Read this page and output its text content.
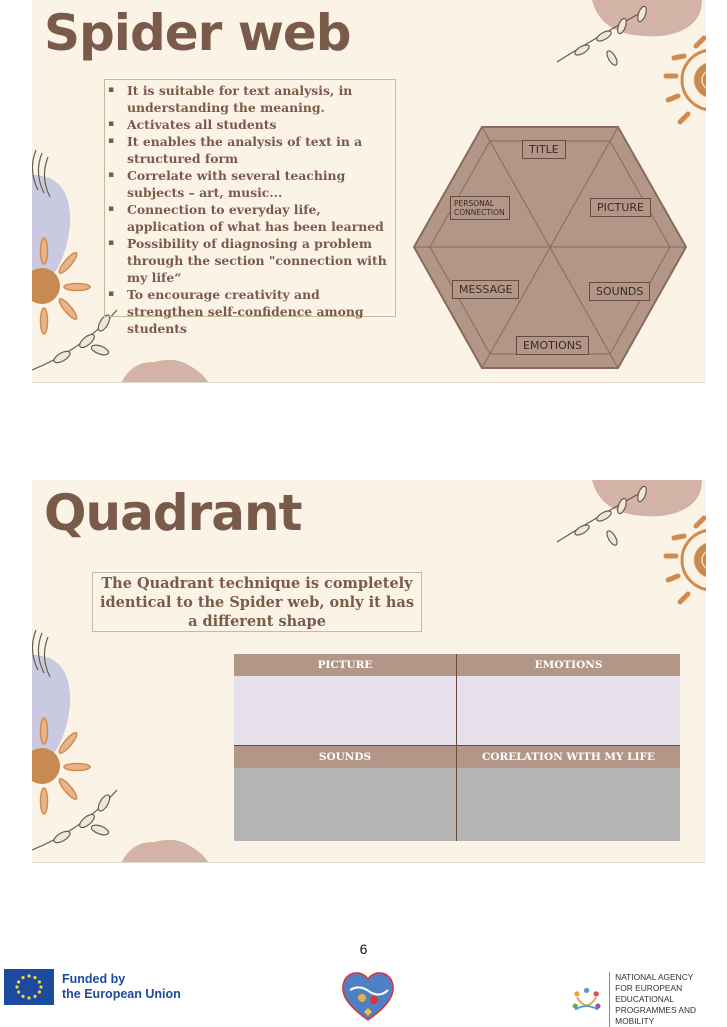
Spider web
▪ It is suitable for text analysis, in understanding the meaning.
▪ Activates all students
▪ It enables the analysis of text in a structured form
▪ Correlate with several teaching subjects – art, music...
▪ Connection to everyday life, application of what has been learned
▪ Possibility of diagnosing a problem through the section "connection with my life“
▪ To encourage creativity and strengthen self-confidence among students
TITLE
PERSONAL CONNECTION	PICTURE
MESSAGE	SOUNDS
EMOTIONS
Quadrant
The Quadrant technique is completely identical to the Spider web, only it has a different shape
PICTURE	EMOTIONS
SOUNDS	CORELATION WITH MY LIFE
6
Funded by
the European Union
NATIONAL AGENCY
FOR EUROPEAN EDUCATIONAL
PROGRAMMES AND MOBILITY
